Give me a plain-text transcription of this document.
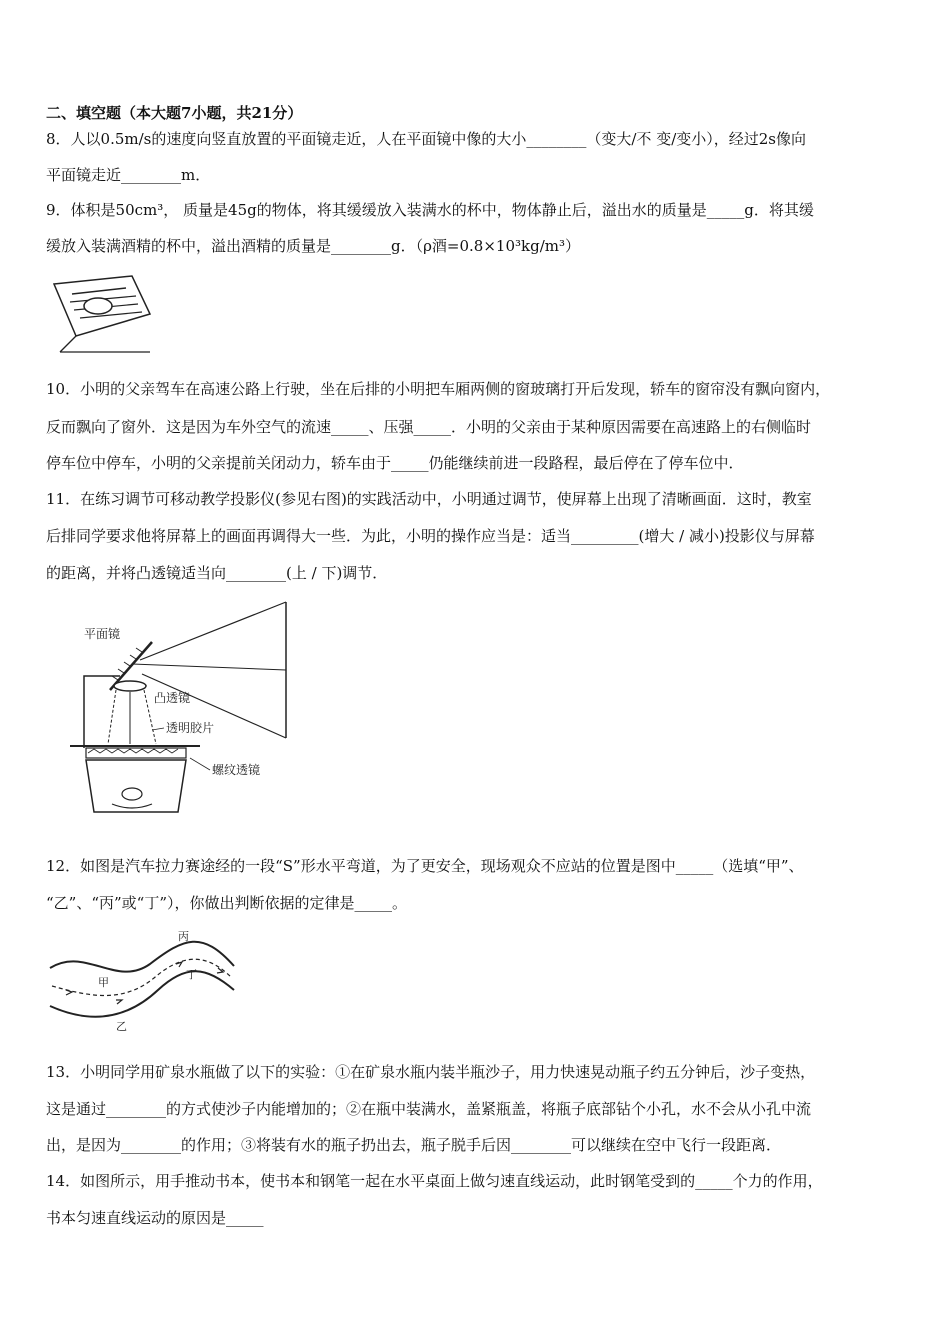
二、填空题（本大题7小题，共21分）
8．人以0.5m/s的速度向竖直放置的平面镜走近，人在平面镜中像的大小________（变大/不 变/变小），经过2s像向
平面镜走近________m．
9．体积是50cm³， 质量是45g的物体，将其缓缓放入装满水的杯中，物体静止后，溢出水的质量是_____g．将其缓
缓放入装满酒精的杯中，溢出酒精的质量是________g．（ρ酒=0.8×10³kg/m³）
10．小明的父亲驾车在高速公路上行驶，坐在后排的小明把车厢两侧的窗玻璃打开后发现，轿车的窗帘没有飘向窗内，
反而飘向了窗外．这是因为车外空气的流速_____、压强_____．小明的父亲由于某种原因需要在高速路上的右侧临时
停车位中停车，小明的父亲提前关闭动力，轿车由于_____仍能继续前进一段路程，最后停在了停车位中．
11．在练习调节可移动教学投影仪(参见右图)的实践活动中，小明通过调节，使屏幕上出现了清晰画面．这时，教室
后排同学要求他将屏幕上的画面再调得大一些．为此，小明的操作应当是：适当_________(增大 / 减小)投影仪与屏幕
的距离，并将凸透镜适当向________(上 / 下)调节．
平面镜
凸透镜
透明胶片
螺纹透镜
12．如图是汽车拉力赛途经的一段“S”形水平弯道，为了更安全，现场观众不应站的位置是图中_____（选填“甲”、
“乙”、“丙”或“丁”），你做出判断依据的定律是_____。
丙
甲
丁
乙
13．小明同学用矿泉水瓶做了以下的实验：①在矿泉水瓶内装半瓶沙子，用力快速晃动瓶子约五分钟后，沙子变热，
这是通过________的方式使沙子内能增加的；②在瓶中装满水，盖紧瓶盖，将瓶子底部钻个小孔，水不会从小孔中流
出，是因为________的作用；③将装有水的瓶子扔出去，瓶子脱手后因________可以继续在空中飞行一段距离．
14．如图所示，用手推动书本，使书本和钢笔一起在水平桌面上做匀速直线运动，此时钢笔受到的_____个力的作用，
书本匀速直线运动的原因是_____
